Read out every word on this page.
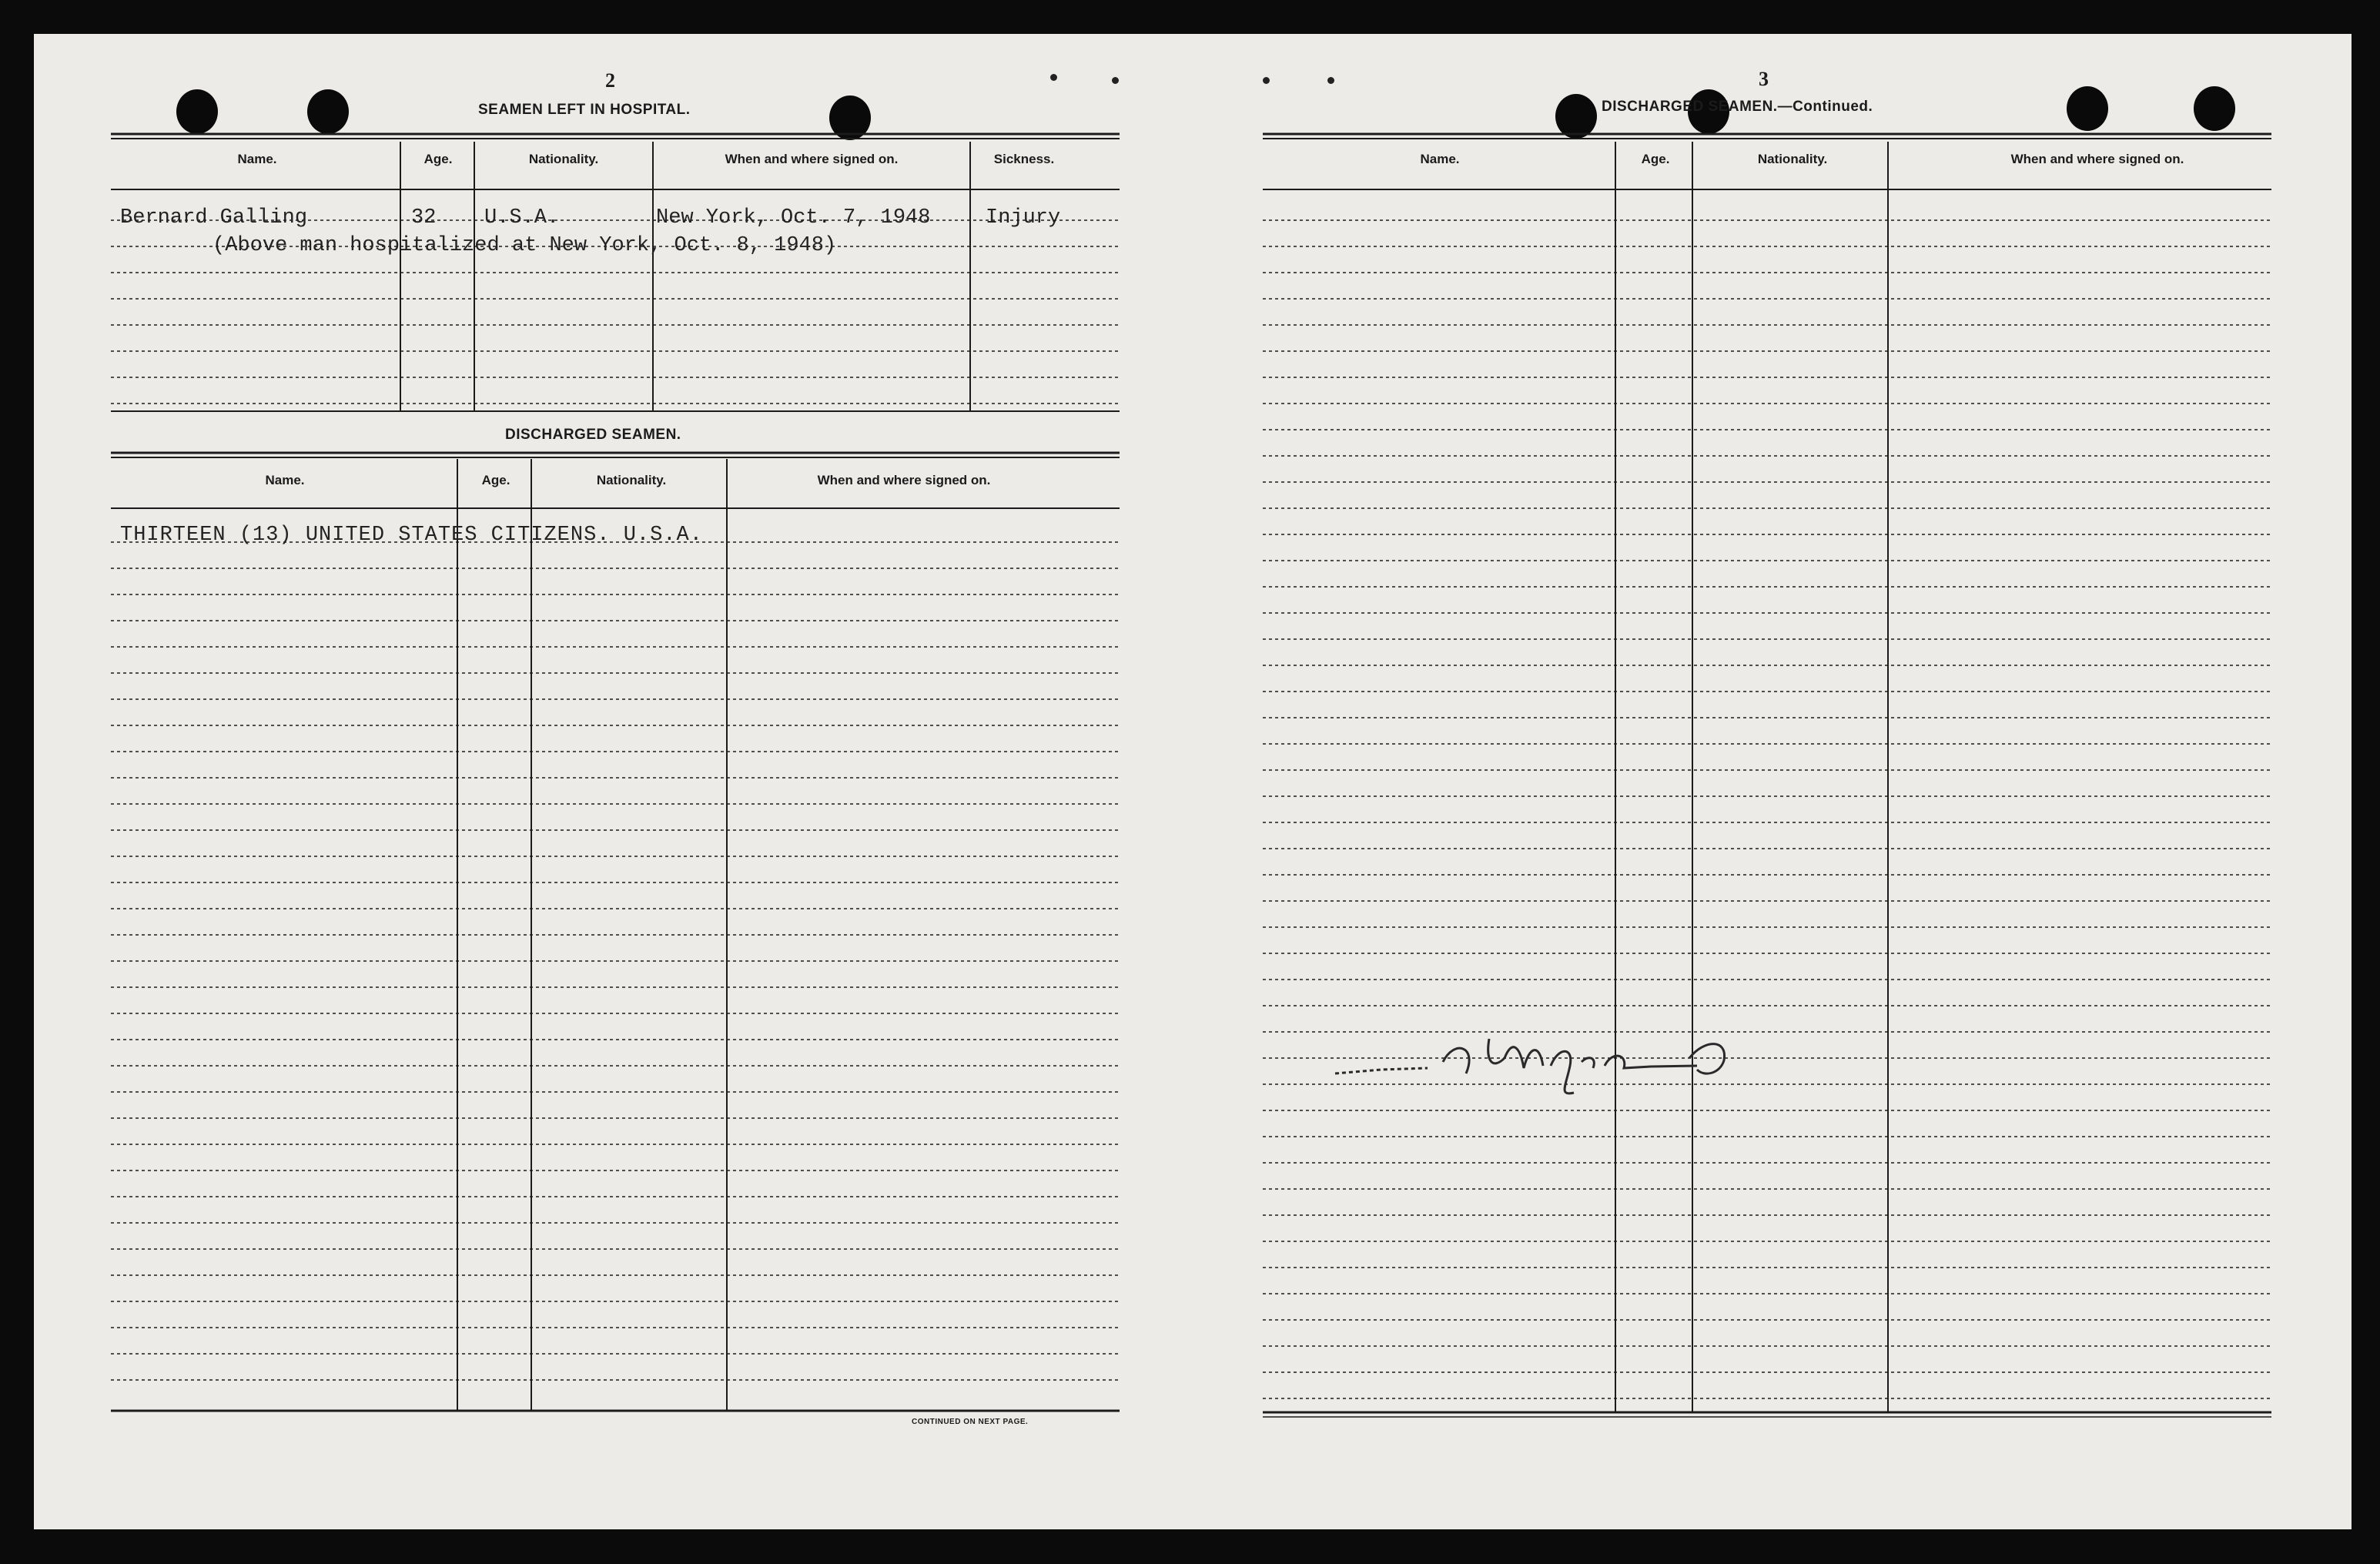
2	3
SEAMEN LEFT IN HOSPITAL.
DISCHARGED SEAMEN.
DISCHARGED SEAMEN.—Continued.
Name.	Age.	Nationality.	When and where signed on.	Sickness.
Bernard Galling	32 U.S.A.	New York, Oct. 7, 1948	Injury
(Above man hospitalized at New York, Oct. 8, 1948)
Name.	Age.	Nationality.	When and where signed on.
THIRTEEN (13) UNITED STATES CITIZENS. U.S.A.
CONTINUED ON NEXT PAGE.
Name.	Age.	Nationality.	When and where signed on.
